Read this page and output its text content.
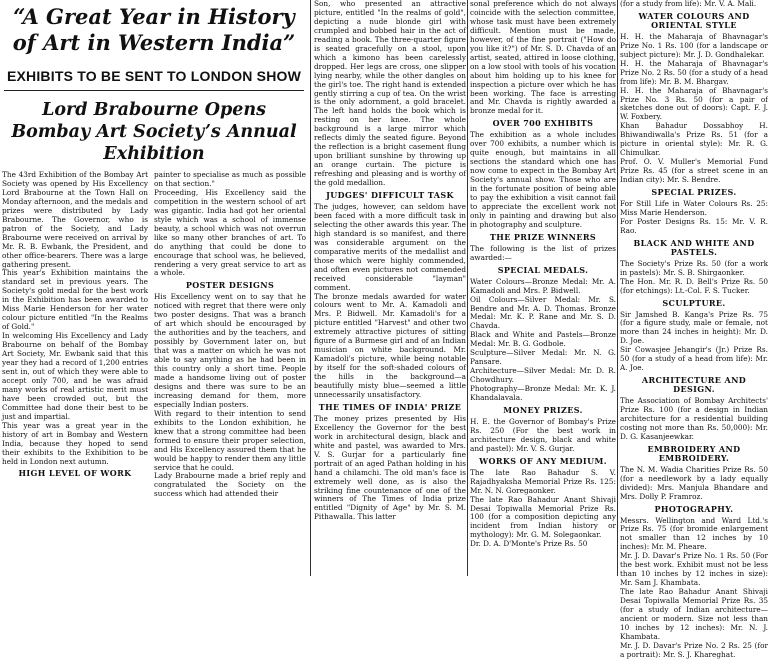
“A Great Year in History of Art in Western India”
EXHIBITS TO BE SENT TO LONDON SHOW
Lord Brabourne Opens Bombay Art Society’s Annual Exhibition

The 43rd Exhibition of the Bombay Art Society was opened by His Excellency Lord Brabourne at the Town Hall on Monday afternoon, and the medals and prizes were distributed by Lady Brabourne. The Governor, who is patron of the Society, and Lady Brabourne were received on arrival by Mr. R. B. Ewbank, the President, and other office-bearers. There was a large gathering present.

This year's Exhibition maintains the standard set in previous years. The Society's gold medal for the best work in the Exhibition has been awarded to Miss Marie Henderson for her water colour picture entitled "In the Realms of Gold."

In welcoming His Excellency and Lady Brabourne on behalf of the Bombay Art Society, Mr. Ewbank said that this year they had a record of 1,200 entries sent in, out of which they were able to accept only 700, and he was afraid many works of real artistic merit must have been crowded out, but the Committee had done their best to be just and impartial.

This year was a great year in the history of art in Bombay and Western India, because they hoped to send their exhibits to the Exhibition to be held in London next autumn.

HIGH LEVEL OF WORK

painter to specialise as much as possible on that section."

Proceeding, His Excellency said the competition in the western school of art was gigantic. India had got her oriental style which was a school of immense beauty, a school which was not overrun like so many other branches of art. To do anything that could be done to encourage that school was, he believed, rendering a very great service to art as a whole.

POSTER DESIGNS

His Excellency went on to say that he noticed with regret that there were only two poster designs. That was a branch of art which should be encouraged by the authorities and by the teachers, and possibly by Government later on, but that was a matter on which he was not able to say anything as he had been in this country only a short time. People made a handsome living out of poster designs and there was sure to be an increasing demand for them, more especially Indian posters.

With regard to their intention to send exhibits to the London exhibition, he knew that a strong committee had been formed to ensure their proper selection, and His Excellency assured them that he would be happy to render them any little service that he could.

Lady Brabourne made a brief reply and congratulated the Society on the success which had attended their

Son, who presented an attractive picture, entitled "In the realms of gold", depicting a nude blonde girl with crumpled and bobbed hair in the act of reading a book. The three-quarter figure is seated gracefully on a stool, upon which a kimono has been carelessly dropped. Her legs are cross, one slipper lying nearby, while the other dangles on the girl's toe. The right hand is extended gently stirring a cup of tea. On the wrist is the only adornment, a gold bracelet. The left hand holds the book which is resting on her knee. The whole background is a large mirror which reflects dimly the seated figure. Beyond the reflection is a bright casement flung upon brilliant sunshine by throwing up an orange curtain. The picture is refreshing and pleasing and is worthy of the gold medallion.

JUDGES' DIFFICULT TASK

The judges, however, can seldom have been faced with a more difficult task in selecting the other awards this year. The high standard is so manifest, and there was considerable argument on the comparative merits of the medallist and those which were highly commended, and often even pictures not commended received considerable "layman" comment.

The bronze medals awarded for water colours went to Mr. A. Kamadoli and Mrs. P. Bidwell. Mr. Kamadoli's for a picture entitled "Harvest" and other two extremely attractive pictures of sitting figure of a Burmese girl and of an Indian musician on white background. Mr. Kamadoli's picture, while being notable by itself for the soft-shaded colours of the hills in the background—a beautifully misty blue—seemed a little unnecessarily unsatisfactory.

THE TIMES OF INDIA' PRIZE

The money prizes presented by His Excellency the Governor for the best work in architectural design, black and white and pastel, was awarded to Mrs. V. S. Gurjar for a particularly fine portrait of an aged Pathan holding in his hand a chilamchi. The old man's face is extremely well done, as is also the striking fine countenance of one of the winners of The Times of India prize entitled "Dignity of Age" by Mr. S. M. Pithawalla. This latter

sonal preference which do not always coincide with the selection committee, whose task must have been extremely difficult. Mention must be made, however, of the fine portrait ("How do you like it?") of Mr. S. D. Chavda of an artist, seated, attired in loose clothing, on a low stool with tools of his vocation about him holding up to his knee for inspection a picture over which he has been working. The face is arresting and Mr. Chavda is rightly awarded a bronze medal for it.

OVER 700 EXHIBITS

The exhibition as a whole includes over 700 exhibits, a number which is quite enough, but maintains in all sections the standard which one has now come to expect in the Bombay Art Society's annual show. Those who are in the fortunate position of being able to pay the exhibition a visit cannot fail to appreciate the excellent work not only in painting and drawing but also in photography and sculpture.

THE PRIZE WINNERS

The following is the list of prizes awarded:—

SPECIAL MEDALS.

Water Colours—Bronze Medal: Mr. A. Kamadoli and Mrs. P. Bidwell.
Oil Colours—Silver Medal: Mr. S. Bendre and Mr. A. D. Thomas. Bronze Medal: Mr. K. P. Rane and Mr. S. D. Chavda.
Black and White and Pastels—Bronze Medal: Mr. B. G. Godbole.
Sculpture—Silver Medal: Mr. N. G. Pansare.
Architecture—Silver Medal: Mr. D. R. Chowdhury.
Photography—Bronze Medal: Mr. K. J. Khandalavala.

MONEY PRIZES.

H. E. the Governor of Bombay's Prize Rs. 250 (For the best work in architecture design, black and white and pastel): Mr. V. S. Gurjar.

WORKS OF ANY MEDIUM.

The late Rao Bahadur S. V. Rajadhyaksha Memorial Prize Rs. 125: Mr. N. N. Goregaonker.
The late Rao Bahadur Anant Shivaji Desai Topiwalla Memorial Prize Rs. 100 (for a composition depicting any incident from Indian history or mythology): Mr. G. M. Solegaonkar.
Dr. D. A. D'Monte's Prize Rs. 50

(for a study from life): Mr. V. A. Mali.

WATER COLOURS AND ORIENTAL STYLE

H. H. the Maharaja of Bhavnagar's Prize No. 1 Rs. 100 (for a landscape or subject picture): Mr. J. D. Gondhalekar.
H. H. the Maharaja of Bhavnagar's Prize No. 2 Rs. 50 (for a study of a head from life): Mr. B. M. Bhargav.
H. H. the Maharaja of Bhavnagar's Prize No. 3 Rs. 50 (for a pair of sketches done out of doors): Capt. F. J. W. Foxbery.
Khan Bahadur Dossabhoy H. Bhiwandiwalla's Prize Rs. 51 (for a picture in oriental style): Mr. R. G. Chimulkar.
Prof. O. V. Muller's Memorial Fund Prize Rs. 45 (for a street scene in an Indian city): Mr. S. Bendre.

SPECIAL PRIZES.

For Still Life in Water Colours Rs. 25: Miss Marie Henderson.
For Poster Designs Rs. 15: Mr. V. R. Rao.

BLACK AND WHITE AND PASTELS.

The Society's Prize Rs. 50 (for a work in pastels): Mr. S. B. Shirgaonker.
The Hon. Mr. R. D. Bell's Prize Rs. 50 (for etchings): Lt.-Col. F. S. Tucker.

SCULPTURE.

Sir Jamshed B. Kanga's Prize Rs. 75 (for a figure study, male or female, not more than 24 inches in height): Mr. D. D. Joe.
Sir Cowasjee Jehangir's (Jr.) Prize Rs. 50 (for a study of a head from life): Mr. A. Joe.

ARCHITECTURE AND DESIGN.

The Association of Bombay Architects' Prize Rs. 100 (for a design in Indian architecture for a residential building costing not more than Rs. 50,000): Mr. D. G. Kasanjeewkar.

EMBROIDERY AND EMBROIDERY.

The N. M. Wadia Charities Prize Rs. 50 (for a needlework by a lady equally divided): Mrs. Manjula Bhandare and Mrs. Dolly P. Framroz.

PHOTOGRAPHY.

Messrs. Wellington and Ward Ltd.'s Prize Rs. 75 (for bromide enlargement not smaller than 12 inches by 10 inches): Mr. M. Pheare.
Mr. J. D. Davar's Prize No. 1 Rs. 50 (For the best work. Exhibit must not be less than 10 inches by 12 inches in size): Mr. Sam J. Khambata.
The late Rao Bahadur Anant Shivaji Desai Topiwalla Memorial Prize Rs. 35 (for a study of Indian architecture—ancient or modern. Size not less than 10 inches by 12 inches): Mr. N. J. Khambata.
Mr. J. D. Davar's Prize No. 2 Rs. 25 (for a portrait): Mr. S. J. Khareghat.
